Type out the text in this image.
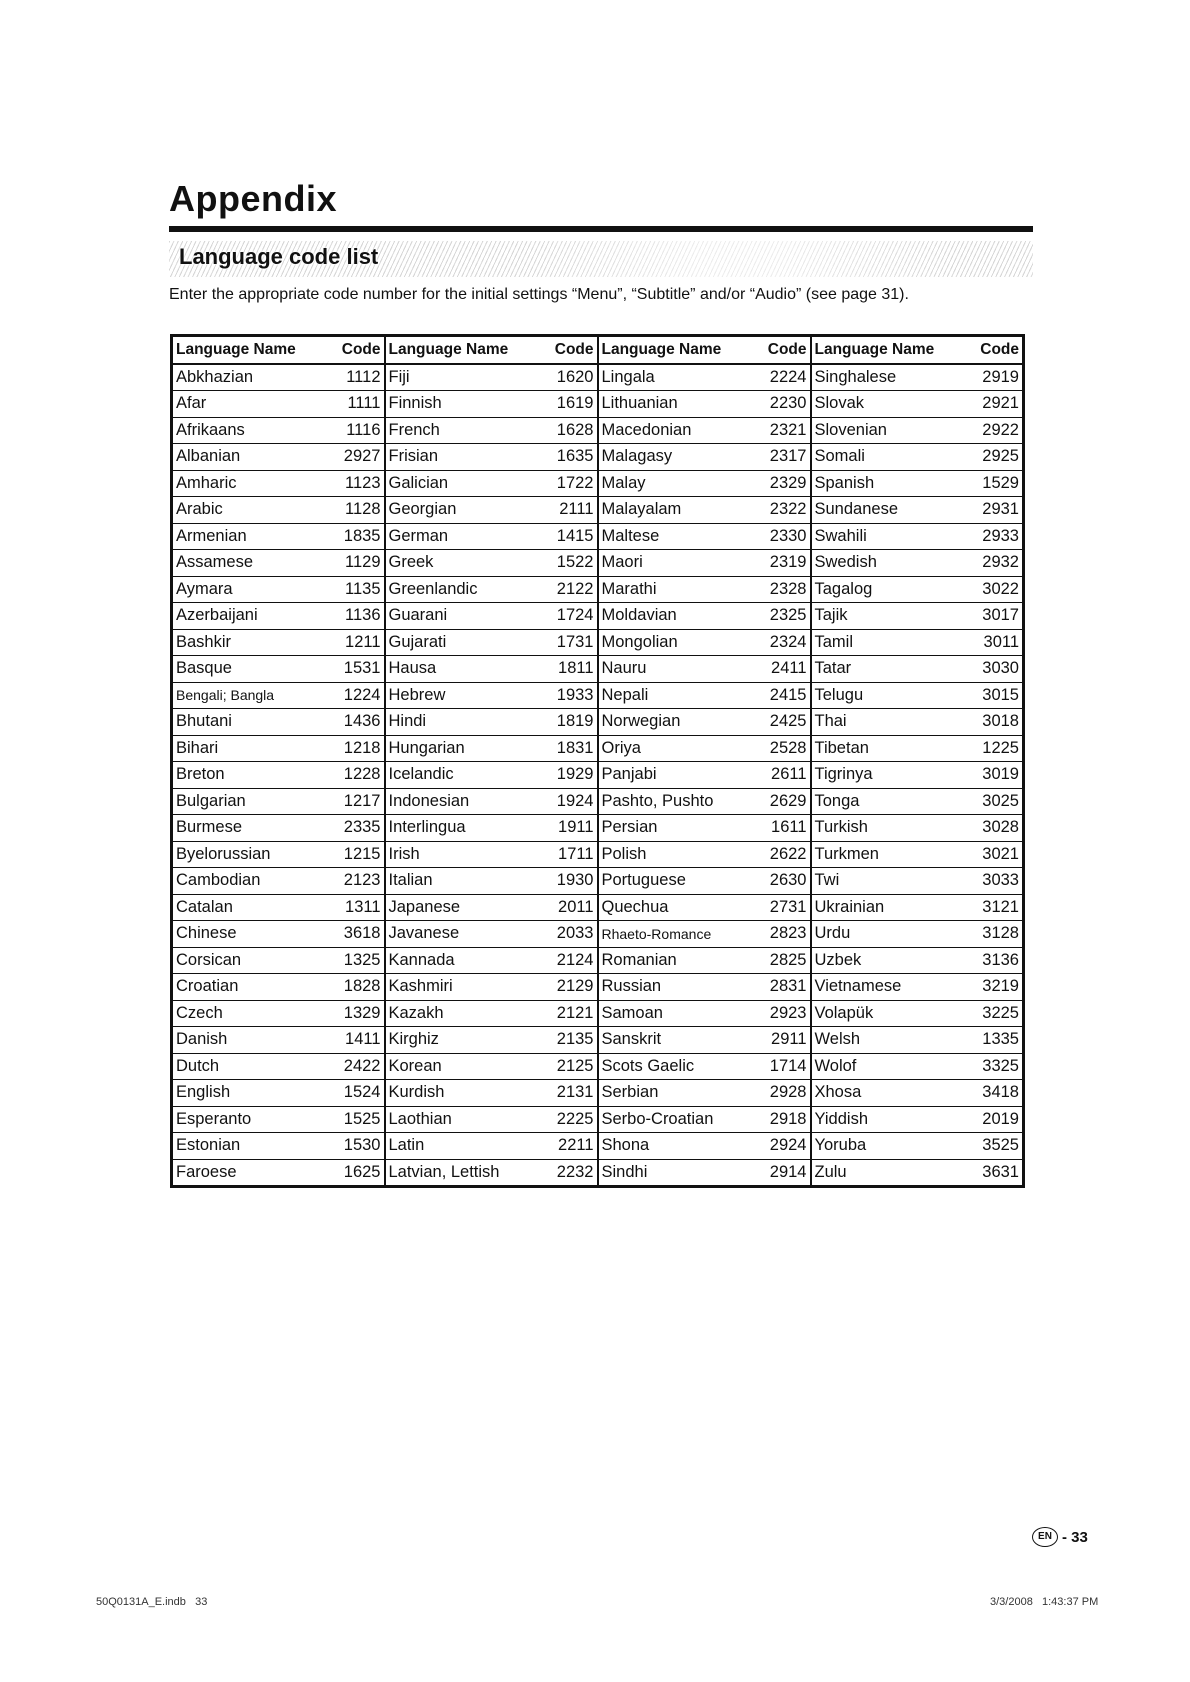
Appendix
Language code list

Enter the appropriate code number for the initial settings “Menu”, “Subtitle” and/or “Audio” (see page 31).

Language Name	Code	Language Name	Code	Language Name	Code	Language Name	Code
Abkhazian	1112	Fiji	1620	Lingala	2224	Singhalese	2919
Afar	1111	Finnish	1619	Lithuanian	2230	Slovak	2921
Afrikaans	1116	French	1628	Macedonian	2321	Slovenian	2922
Albanian	2927	Frisian	1635	Malagasy	2317	Somali	2925
Amharic	1123	Galician	1722	Malay	2329	Spanish	1529
Arabic	1128	Georgian	2111	Malayalam	2322	Sundanese	2931
Armenian	1835	German	1415	Maltese	2330	Swahili	2933
Assamese	1129	Greek	1522	Maori	2319	Swedish	2932
Aymara	1135	Greenlandic	2122	Marathi	2328	Tagalog	3022
Azerbaijani	1136	Guarani	1724	Moldavian	2325	Tajik	3017
Bashkir	1211	Gujarati	1731	Mongolian	2324	Tamil	3011
Basque	1531	Hausa	1811	Nauru	2411	Tatar	3030
Bengali; Bangla	1224	Hebrew	1933	Nepali	2415	Telugu	3015
Bhutani	1436	Hindi	1819	Norwegian	2425	Thai	3018
Bihari	1218	Hungarian	1831	Oriya	2528	Tibetan	1225
Breton	1228	Icelandic	1929	Panjabi	2611	Tigrinya	3019
Bulgarian	1217	Indonesian	1924	Pashto, Pushto	2629	Tonga	3025
Burmese	2335	Interlingua	1911	Persian	1611	Turkish	3028
Byelorussian	1215	Irish	1711	Polish	2622	Turkmen	3021
Cambodian	2123	Italian	1930	Portuguese	2630	Twi	3033
Catalan	1311	Japanese	2011	Quechua	2731	Ukrainian	3121
Chinese	3618	Javanese	2033	Rhaeto-Romance	2823	Urdu	3128
Corsican	1325	Kannada	2124	Romanian	2825	Uzbek	3136
Croatian	1828	Kashmiri	2129	Russian	2831	Vietnamese	3219
Czech	1329	Kazakh	2121	Samoan	2923	Volapük	3225
Danish	1411	Kirghiz	2135	Sanskrit	2911	Welsh	1335
Dutch	2422	Korean	2125	Scots Gaelic	1714	Wolof	3325
English	1524	Kurdish	2131	Serbian	2928	Xhosa	3418
Esperanto	1525	Laothian	2225	Serbo-Croatian	2918	Yiddish	2019
Estonian	1530	Latin	2211	Shona	2924	Yoruba	3525
Faroese	1625	Latvian, Lettish	2232	Sindhi	2914	Zulu	3631
EN - 33
50Q0131A_E.indb   33	3/3/2008   1:43:37 PM
